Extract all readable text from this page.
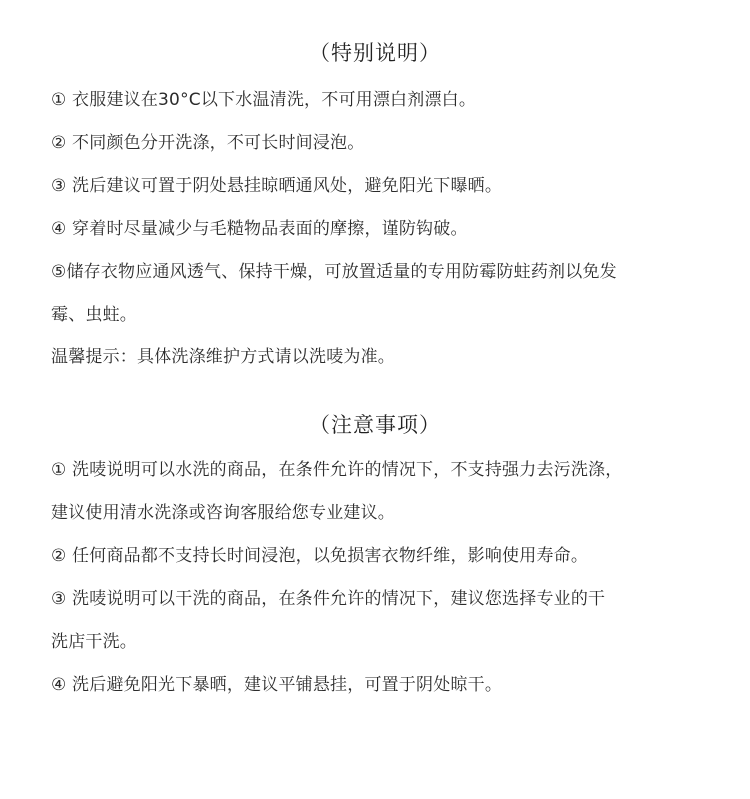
（特别说明）
① 衣服建议在30°C以下水温清洗，不可用漂白剂漂白。
② 不同颜色分开洗涤，不可长时间浸泡。
③ 洗后建议可置于阴处悬挂晾晒通风处，避免阳光下曝晒。
④ 穿着时尽量减少与毛糙物品表面的摩擦，谨防钩破。
⑤储存衣物应通风透气、保持干燥，可放置适量的专用防霉防蛀药剂以免发
霉、虫蛀。
温馨提示：具体洗涤维护方式请以洗唛为准。
（注意事项）
① 洗唛说明可以水洗的商品，在条件允许的情况下，不支持强力去污洗涤，
建议使用清水洗涤或咨询客服给您专业建议。
② 任何商品都不支持长时间浸泡，以免损害衣物纤维，影响使用寿命。
③ 洗唛说明可以干洗的商品，在条件允许的情况下，建议您选择专业的干
洗店干洗。
④ 洗后避免阳光下暴晒，建议平铺悬挂，可置于阴处晾干。
